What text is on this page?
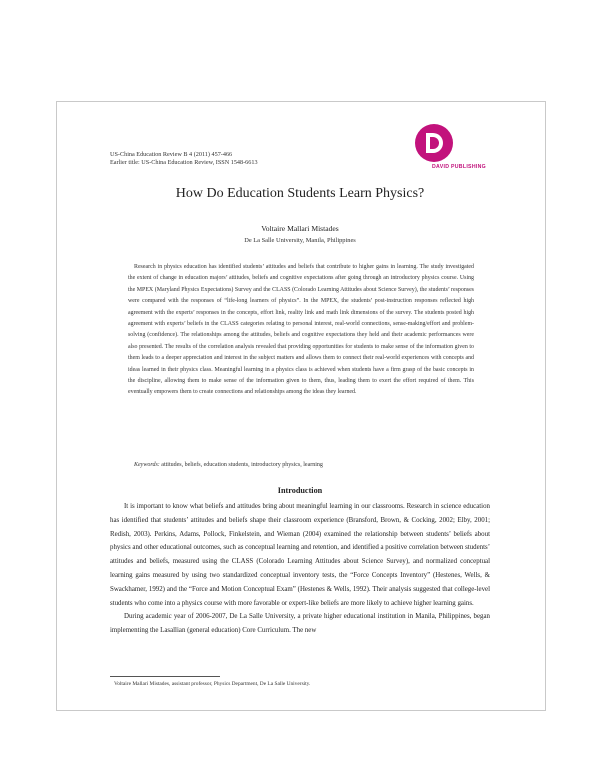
US-China Education Review B 4 (2011) 457-466
Earlier title: US-China Education Review, ISSN 1548-6613
DAVID PUBLISHING
How Do Education Students Learn Physics?
Voltaire Mallari Mistades
De La Salle University, Manila, Philippines

Research in physics education has identified students’ attitudes and beliefs that contribute to higher gains in learning. The study investigated the extent of change in education majors’ attitudes, beliefs and cognitive expectations after going through an introductory physics course. Using the MPEX (Maryland Physics Expectations) Survey and the CLASS (Colorado Learning Attitudes about Science Survey), the students’ responses were compared with the responses of “life-long learners of physics”. In the MPEX, the students’ post-instruction responses reflected high agreement with the experts’ responses in the concepts, effort link, reality link and math link dimensions of the survey. The students posted high agreement with experts’ beliefs in the CLASS categories relating to personal interest, real-world connections, sense-making/effort and problem-solving (confidence). The relationships among the attitudes, beliefs and cognitive expectations they held and their academic performances were also presented. The results of the correlation analysis revealed that providing opportunities for students to make sense of the information given to them leads to a deeper appreciation and interest in the subject matters and allows them to connect their real-world experiences with concepts and ideas learned in their physics class. Meaningful learning in a physics class is achieved when students have a firm grasp of the basic concepts in the discipline, allowing them to make sense of the information given to them, thus, leading them to exert the effort required of them. This eventually empowers them to create connections and relationships among the ideas they learned.

Keywords: attitudes, beliefs, education students, introductory physics, learning
Introduction

It is important to know what beliefs and attitudes bring about meaningful learning in our classrooms. Research in science education has identified that students’ attitudes and beliefs shape their classroom experience (Bransford, Brown, & Cocking, 2002; Elby, 2001; Redish, 2003). Perkins, Adams, Pollock, Finkelstein, and Wieman (2004) examined the relationship between students’ beliefs about physics and other educational outcomes, such as conceptual learning and retention, and identified a positive correlation between students’ attitudes and beliefs, measured using the CLASS (Colorado Learning Attitudes about Science Survey), and normalized conceptual learning gains measured by using two standardized conceptual inventory tests, the “Force Concepts Inventory” (Hestenes, Wells, & Swackhamer, 1992) and the “Force and Motion Conceptual Exam” (Hestenes & Wells, 1992). Their analysis suggested that college-level students who come into a physics course with more favorable or expert-like beliefs are more likely to achieve higher learning gains.

During academic year of 2006-2007, De La Salle University, a private higher educational institution in Manila, Philippines, began implementing the Lasallian (general education) Core Curriculum. The new

Voltaire Mallari Mistades, assistant professor, Physics Department, De La Salle University.
